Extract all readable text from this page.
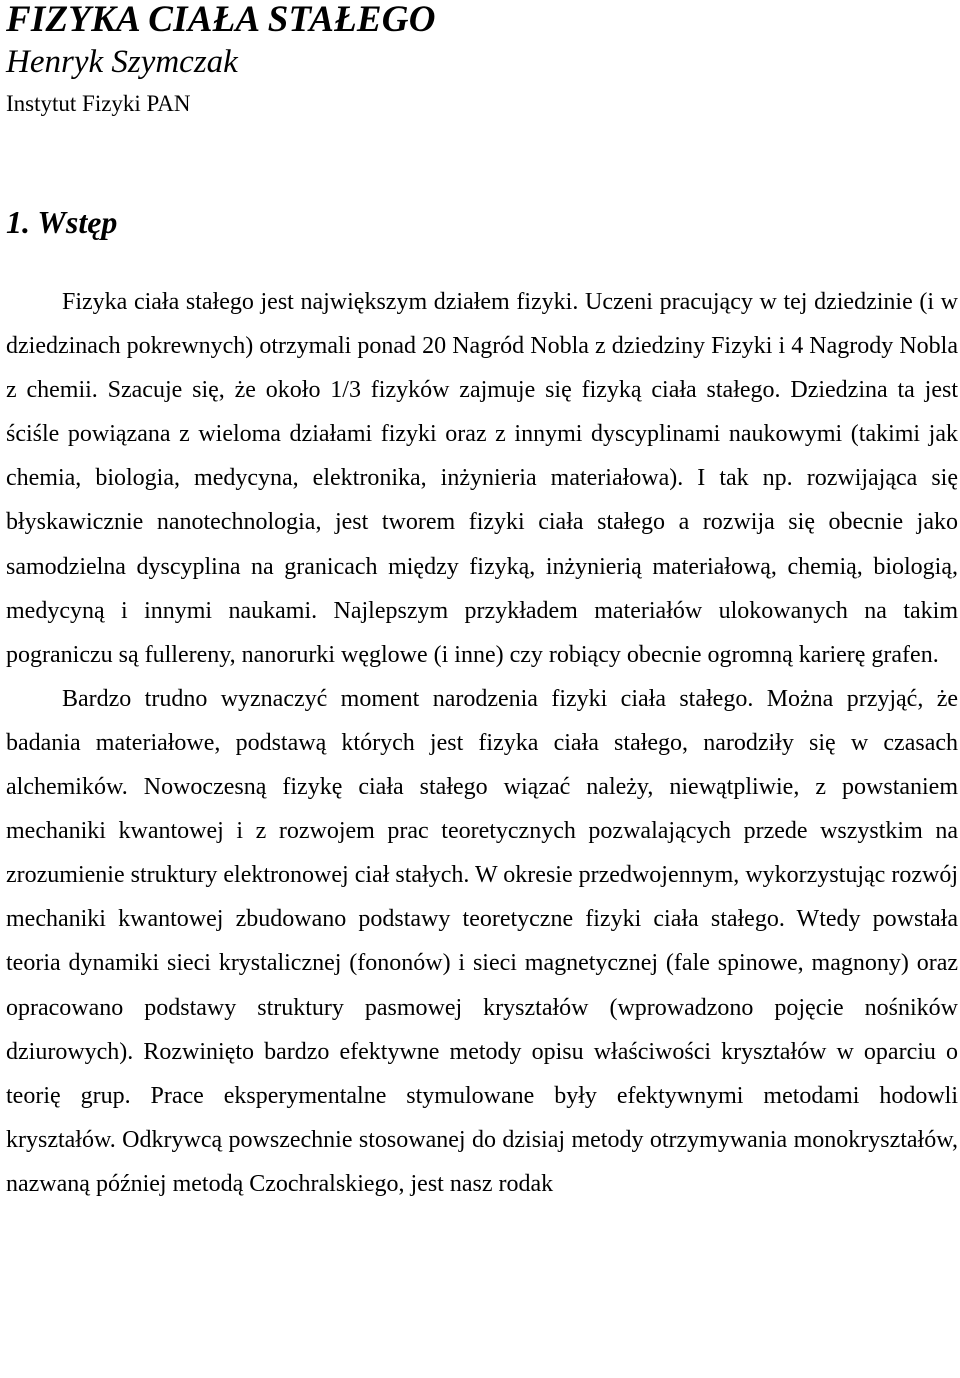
FIZYKA CIAŁA STAŁEGO
Henryk Szymczak
Instytut Fizyki PAN
1. Wstęp

Fizyka ciała stałego jest największym działem fizyki. Uczeni pracujący w tej dziedzinie (i w dziedzinach pokrewnych) otrzymali ponad 20 Nagród Nobla z dziedziny Fizyki i 4 Nagrody Nobla z chemii. Szacuje się, że około 1/3 fizyków zajmuje się fizyką ciała stałego. Dziedzina ta jest ściśle powiązana z wieloma działami fizyki oraz z innymi dyscyplinami naukowymi (takimi jak chemia, biologia, medycyna, elektronika, inżynieria materiałowa). I tak np. rozwijająca się błyskawicznie nanotechnologia, jest tworem fizyki ciała stałego a rozwija się obecnie jako samodzielna dyscyplina na granicach między fizyką, inżynierią materiałową, chemią, biologią, medycyną i innymi naukami. Najlepszym przykładem materiałów ulokowanych na takim pograniczu są fullereny, nanorurki węglowe (i inne) czy robiący obecnie ogromną karierę grafen.

Bardzo trudno wyznaczyć moment narodzenia fizyki ciała stałego. Można przyjąć, że badania materiałowe, podstawą których jest fizyka ciała stałego, narodziły się w czasach alchemików. Nowoczesną fizykę ciała stałego wiązać należy, niewątpliwie, z powstaniem mechaniki kwantowej i z rozwojem prac teoretycznych pozwalających przede wszystkim na zrozumienie struktury elektronowej ciał stałych. W okresie przedwojennym, wykorzystując rozwój mechaniki kwantowej zbudowano podstawy teoretyczne fizyki ciała stałego. Wtedy powstała teoria dynamiki sieci krystalicznej (fononów) i sieci magnetycznej (fale spinowe, magnony) oraz opracowano podstawy struktury pasmowej kryształów (wprowadzono pojęcie nośników dziurowych). Rozwinięto bardzo efektywne metody opisu właściwości kryształów w oparciu o teorię grup. Prace eksperymentalne stymulowane były efektywnymi metodami hodowli kryształów. Odkrywcą powszechnie stosowanej do dzisiaj metody otrzymywania monokryształów, nazwaną później metodą Czochralskiego, jest nasz rodak
